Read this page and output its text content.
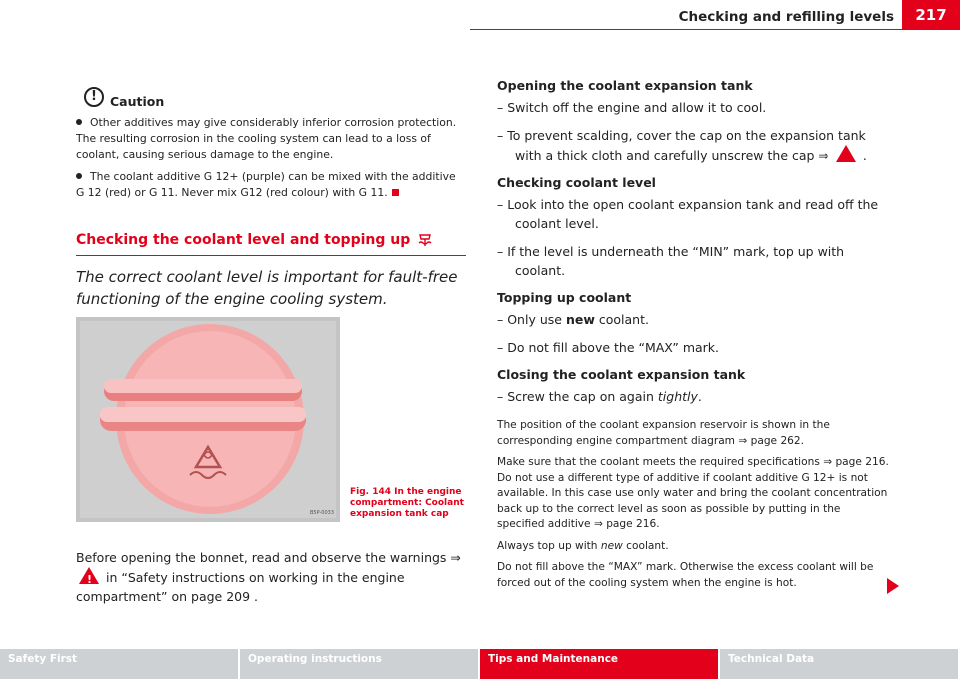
Checking and refilling levels	217
!	Caution

Other additives may give considerably inferior corrosion protection. The resulting corrosion in the cooling system can lead to a loss of coolant, causing serious damage to the engine.

The coolant additive G 12+ (purple) can be mixed with the additive G 12 (red) or G 11. Never mix G12 (red colour) with G 11.

Checking the coolant level and topping up
The correct coolant level is important for fault-free functioning of the engine cooling system.
B5P-0033
Fig. 144 In the engine compartment: Coolant expansion tank cap
Before opening the bonnet, read and observe the warnings ⇒ ! in “Safety instructions on working in the engine compartment” on page 209 .

Opening the coolant expansion tank

– Switch off the engine and allow it to cool.

– To prevent scalding, cover the cap on the expansion tank with a thick cloth and carefully unscrew the cap ⇒ ! .

Checking coolant level

– Look into the open coolant expansion tank and read off the coolant level.

– If the level is underneath the “MIN” mark, top up with coolant.

Topping up coolant

– Only use new coolant.

– Do not fill above the “MAX” mark.

Closing the coolant expansion tank

– Screw the cap on again tightly.

The position of the coolant expansion reservoir is shown in the corresponding engine compartment diagram ⇒ page 262.

Make sure that the coolant meets the required specifications ⇒ page 216. Do not use a different type of additive if coolant additive G 12+ is not available. In this case use only water and bring the coolant concentration back up to the correct level as soon as possible by putting in the specified additive ⇒ page 216.

Always top up with new coolant.

Do not fill above the “MAX” mark. Otherwise the excess coolant will be forced out of the cooling system when the engine is hot.

Safety First	Operating instructions	Tips and Maintenance	Technical Data
